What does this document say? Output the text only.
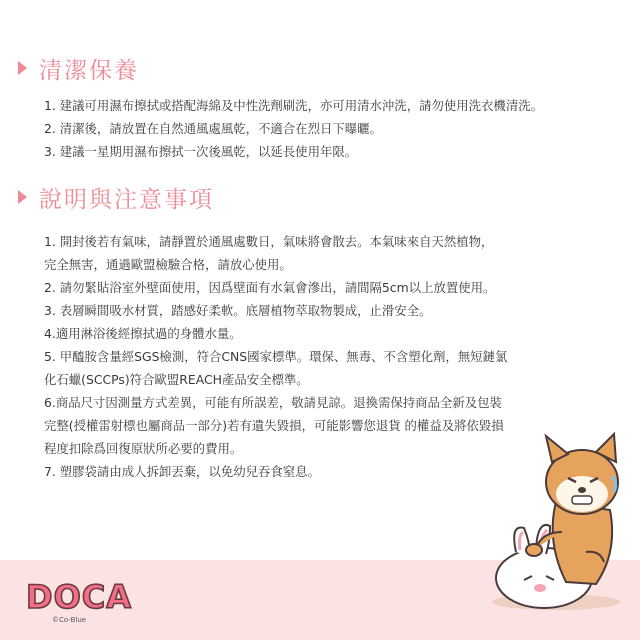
清潔保養
1. 建議可用濕布擦拭或搭配海綿及中性洗劑刷洗，亦可用清水沖洗，請勿使用洗衣機清洗。
2. 清潔後，請放置在自然通風處風乾，不適合在烈日下曝曬。
3. 建議一星期用濕布擦拭一次後風乾，以延長使用年限。
說明與注意事項
1. 開封後若有氣味，請靜置於通風處數日，氣味將會散去。本氣味來自天然植物，
完全無害，通過歐盟檢驗合格，請放心使用。
2. 請勿緊貼浴室外壁面使用，因爲壁面有水氣會滲出，請間隔5cm以上放置使用。
3. 表層瞬間吸水材質，踏感好柔軟。底層植物萃取物製成，止滑安全。
4.適用淋浴後經擦拭過的身體水量。
5. 甲醯胺含量經SGS檢測，符合CNS國家標準。環保、無毒、不含塑化劑，無短鏈氯
化石蠟(SCCPs)符合歐盟REACH產品安全標準。
6.商品尺寸因測量方式差異，可能有所誤差，敬請見諒。退換需保持商品全新及包裝
完整(授權雷射標也屬商品一部分)若有遺失毀損，可能影響您退貨 的權益及將依毀損
程度扣除爲回復原狀所必要的費用。
7. 塑膠袋請由成人拆卸丟棄，以免幼兒吞食窒息。
DOCA
©Co-Blue
